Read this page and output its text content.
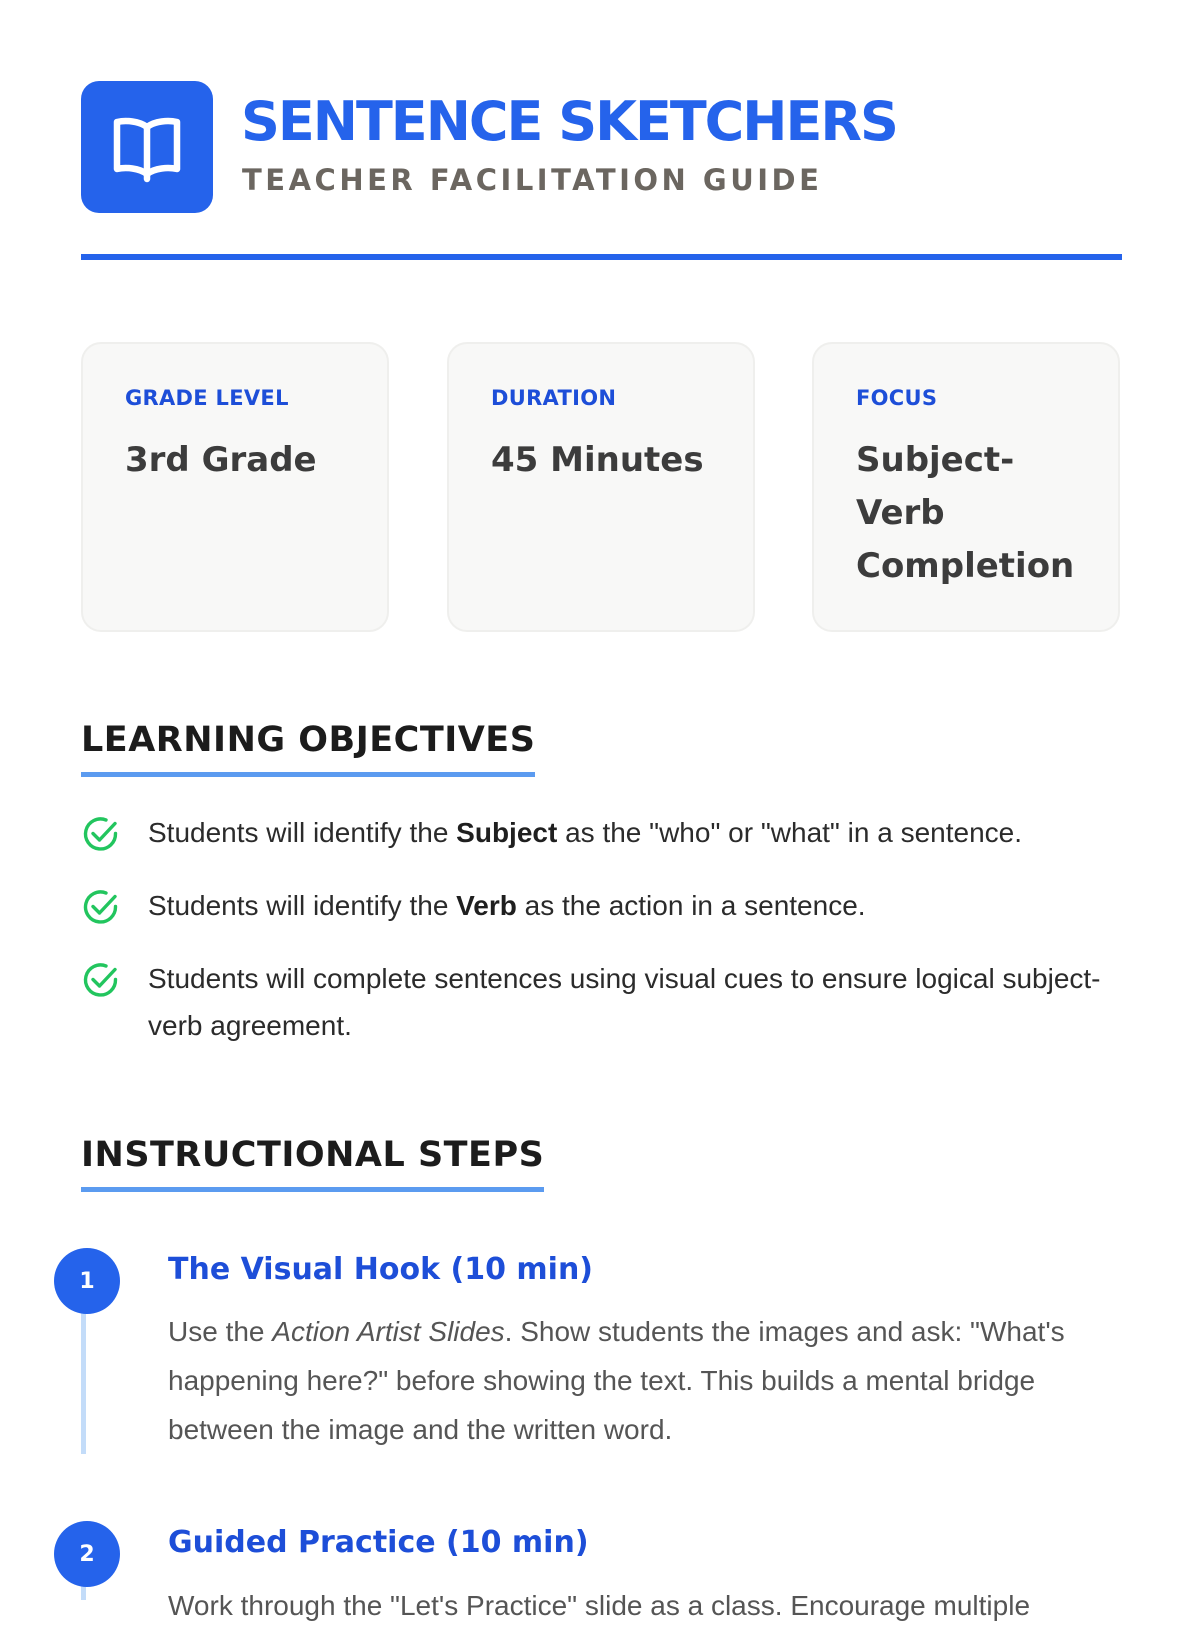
SENTENCE SKETCHERS
TEACHER FACILITATION GUIDE
GRADE LEVEL
3rd Grade
DURATION
45 Minutes
FOCUS
Subject-Verb Completion
LEARNING OBJECTIVES
Students will identify the Subject as the "who" or "what" in a sentence.
Students will identify the Verb as the action in a sentence.
Students will complete sentences using visual cues to ensure logical subject-verb agreement.
INSTRUCTIONAL STEPS
1	The Visual Hook (10 min)
Use the Action Artist Slides. Show students the images and ask: "What's happening here?" before showing the text. This builds a mental bridge between the image and the written word.
2	Guided Practice (10 min)
Work through the "Let's Practice" slide as a class. Encourage multiple
